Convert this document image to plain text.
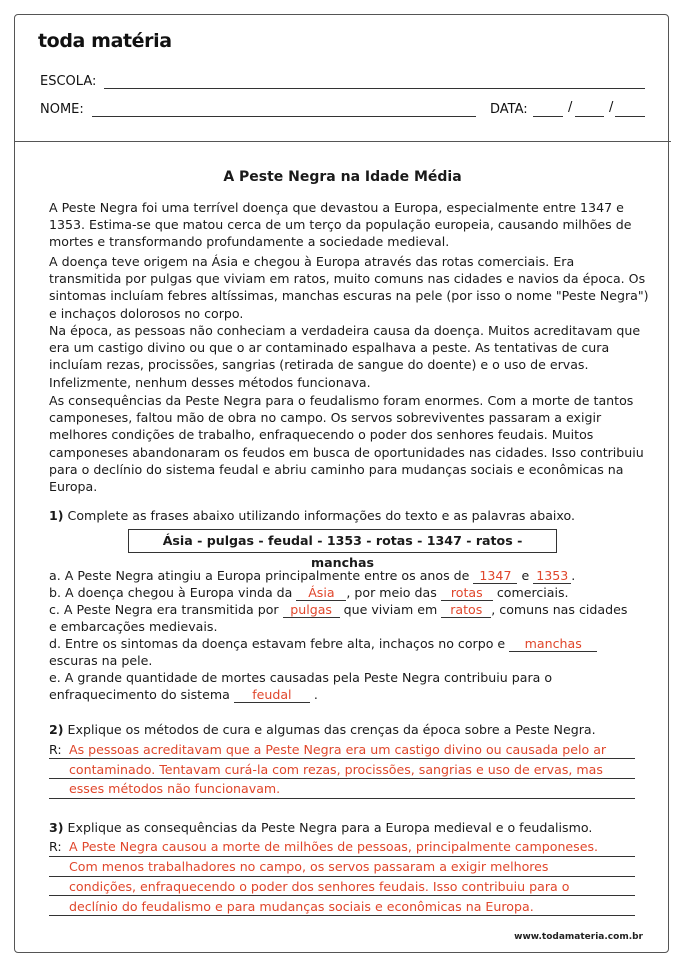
toda matéria
ESCOLA:
NOME:	DATA:	/	/
A Peste Negra na Idade Média

A Peste Negra foi uma terrível doença que devastou a Europa, especialmente entre 1347 e 1353. Estima-se que matou cerca de um terço da população europeia, causando milhões de mortes e transformando profundamente a sociedade medieval.

A doença teve origem na Ásia e chegou à Europa através das rotas comerciais. Era transmitida por pulgas que viviam em ratos, muito comuns nas cidades e navios da época. Os sintomas incluíam febres altíssimas, manchas escuras na pele (por isso o nome "Peste Negra") e inchaços dolorosos no corpo.

Na época, as pessoas não conheciam a verdadeira causa da doença. Muitos acreditavam que era um castigo divino ou que o ar contaminado espalhava a peste. As tentativas de cura incluíam rezas, procissões, sangrias (retirada de sangue do doente) e o uso de ervas. Infelizmente, nenhum desses métodos funcionava.

As consequências da Peste Negra para o feudalismo foram enormes. Com a morte de tantos camponeses, faltou mão de obra no campo. Os servos sobreviventes passaram a exigir melhores condições de trabalho, enfraquecendo o poder dos senhores feudais. Muitos camponeses abandonaram os feudos em busca de oportunidades nas cidades. Isso contribuiu para o declínio do sistema feudal e abriu caminho para mudanças sociais e econômicas na Europa.

1) Complete as frases abaixo utilizando informações do texto e as palavras abaixo.

Ásia - pulgas - feudal - 1353 - rotas - 1347 - ratos - manchas

a. A Peste Negra atingiu a Europa principalmente entre os anos de 1347 e 1353 .

b. A doença chegou à Europa vinda da Ásia , por meio das rotas comerciais.

c. A Peste Negra era transmitida por pulgas que viviam em ratos , comuns nas cidades

e embarcações medievais.

d. Entre os sintomas da doença estavam febre alta, inchaços no corpo e manchas

escuras na pele.

e. A grande quantidade de mortes causadas pela Peste Negra contribuiu para o

enfraquecimento do sistema feudal .

2) Explique os métodos de cura e algumas das crenças da época sobre a Peste Negra.

R: As pessoas acreditavam que a Peste Negra era um castigo divino ou causada pelo ar
contaminado. Tentavam curá-la com rezas, procissões, sangrias e uso de ervas, mas
esses métodos não funcionavam.

3) Explique as consequências da Peste Negra para a Europa medieval e o feudalismo.

R: A Peste Negra causou a morte de milhões de pessoas, principalmente camponeses.
Com menos trabalhadores no campo, os servos passaram a exigir melhores
condições, enfraquecendo o poder dos senhores feudais. Isso contribuiu para o
declínio do feudalismo e para mudanças sociais e econômicas na Europa.
www.todamateria.com.br
